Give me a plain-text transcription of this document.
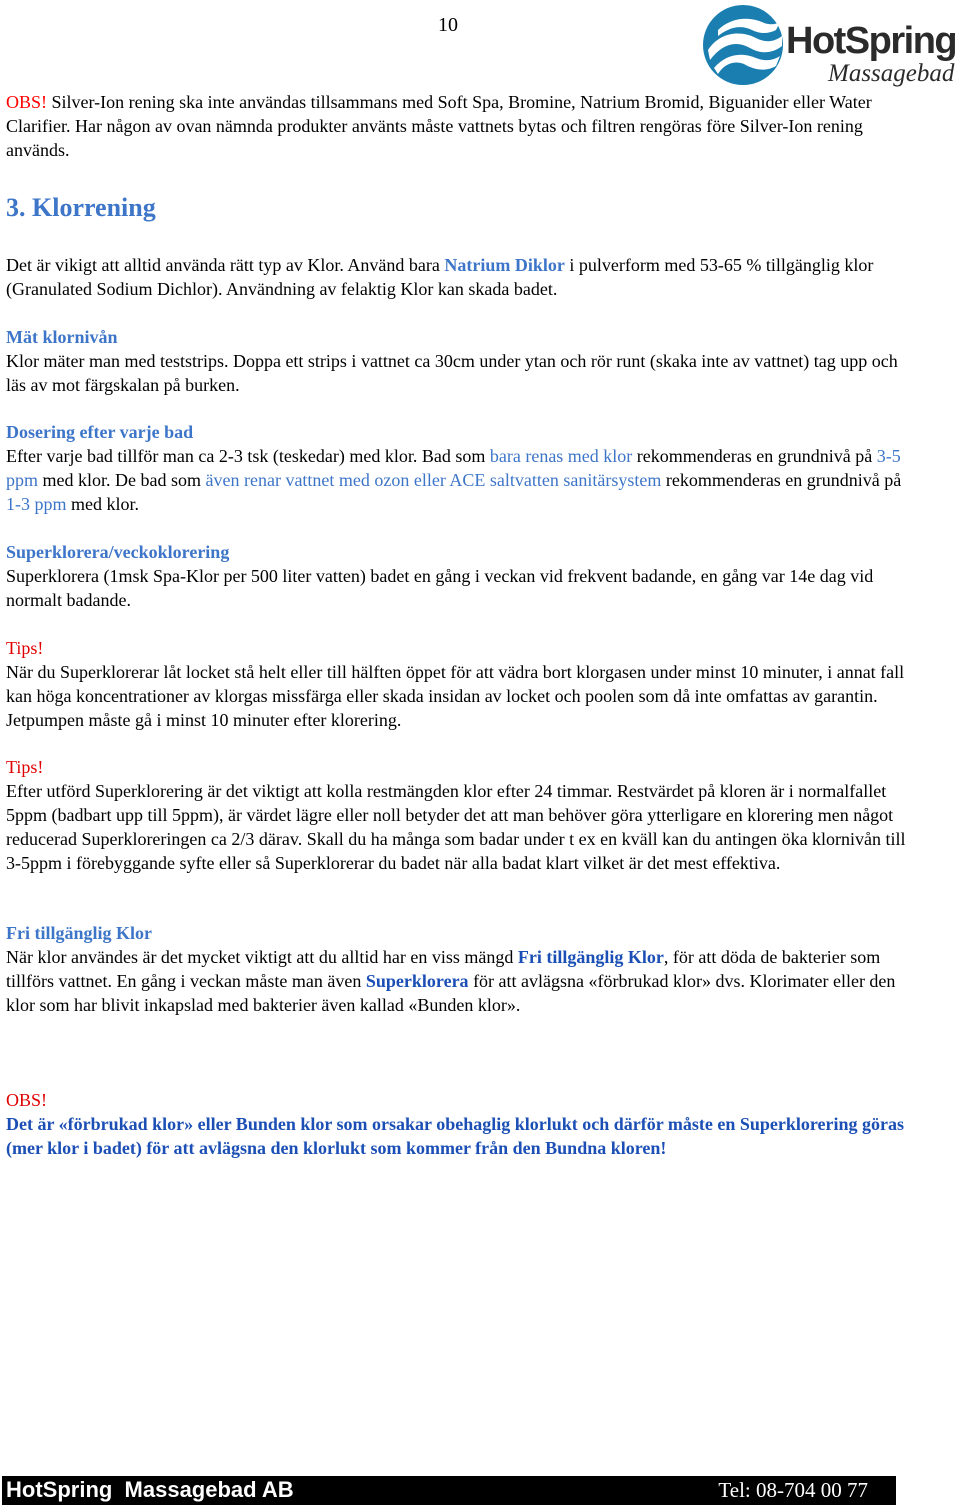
10	HotSpring
Massagebad

OBS! Silver-Ion rening ska inte användas tillsammans med Soft Spa, Bromine, Natrium Bromid, Biguanider eller Water Clarifier. Har någon av ovan nämnda produkter använts måste vattnets bytas och filtren rengöras före Silver-Ion rening används.

3. Klorrening

Det är vikigt att alltid använda rätt typ av Klor. Använd bara Natrium Diklor i pulverform med 53-65 % tillgänglig klor (Granulated Sodium Dichlor). Användning av felaktig Klor kan skada badet.

Mät klornivån

Klor mäter man med teststrips. Doppa ett strips i vattnet ca 30cm under ytan och rör runt (skaka inte av vattnet) tag upp och läs av mot färgskalan på burken.

Dosering efter varje bad

Efter varje bad tillför man ca 2-3 tsk (teskedar) med klor. Bad som bara renas med klor rekommenderas en grundnivå på 3-5 ppm med klor. De bad som även renar vattnet med ozon eller ACE saltvatten sanitärsystem rekommenderas en grundnivå på 1-3 ppm med klor.

Superklorera/veckoklorering

Superklorera (1msk Spa-Klor per 500 liter vatten) badet en gång i veckan vid frekvent badande, en gång var 14e dag vid normalt badande.

Tips!

När du Superklorerar låt locket stå helt eller till hälften öppet för att vädra bort klorgasen under minst 10 minuter, i annat fall kan höga koncentrationer av klorgas missfärga eller skada insidan av locket och poolen som då inte omfattas av garantin. Jetpumpen måste gå i minst 10 minuter efter klorering.

Tips!

Efter utförd Superklorering är det viktigt att kolla restmängden klor efter 24 timmar. Restvärdet på kloren är i normalfallet 5ppm (badbart upp till 5ppm), är värdet lägre eller noll betyder det att man behöver göra ytterligare en klorering men något reducerad Superkloreringen ca 2/3 därav. Skall du ha många som badar under t ex en kväll kan du antingen öka klornivån till 3-5ppm i förebyggande syfte eller så Superklorerar du badet när alla badat klart vilket är det mest effektiva.

Fri tillgänglig Klor

När klor användes är det mycket viktigt att du alltid har en viss mängd Fri tillgänglig Klor, för att döda de bakterier som tillförs vattnet. En gång i veckan måste man även Superklorera för att avlägsna «förbrukad klor» dvs. Klorimater eller den klor som har blivit inkapslad med bakterier även kallad «Bunden klor».

OBS!

Det är «förbrukad klor» eller Bunden klor som orsakar obehaglig klorlukt och därför måste en Superklorering göras (mer klor i badet) för att avlägsna den klorlukt som kommer från den Bundna kloren!

HotSpring  Massagebad AB	Tel: 08-704 00 77
